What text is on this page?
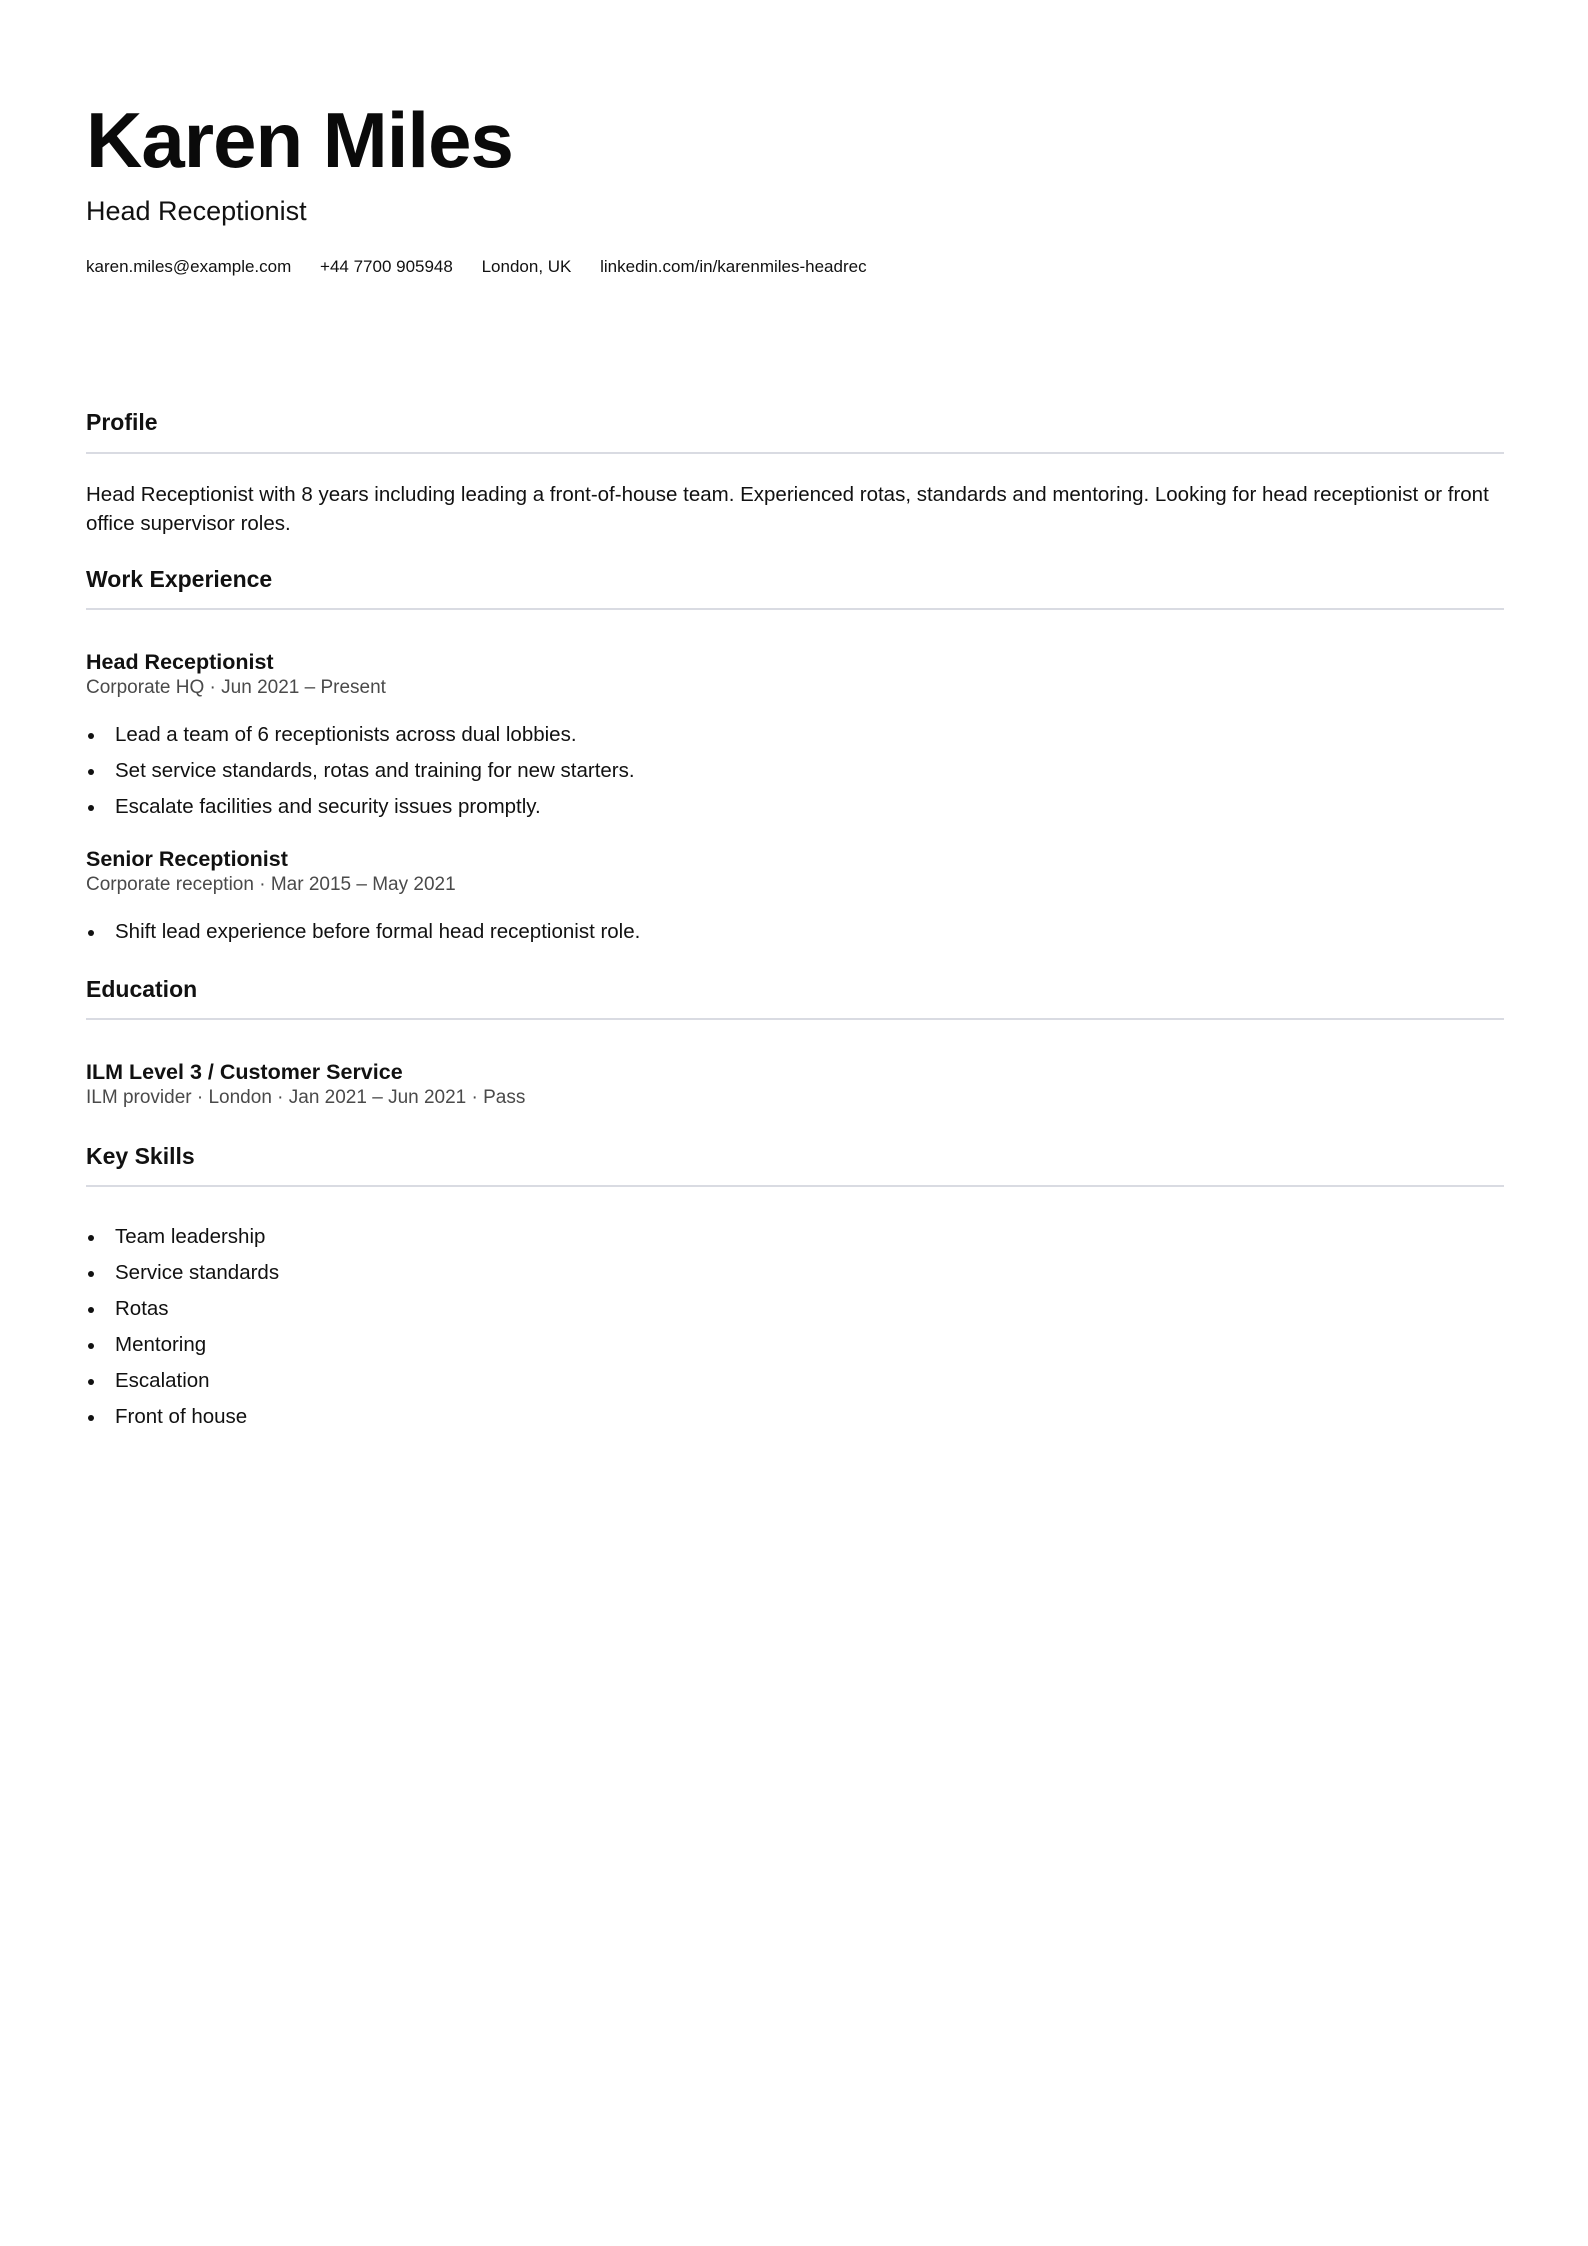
Karen Miles
Head Receptionist
karen.miles@example.com +44 7700 905948 London, UK linkedin.com/in/karenmiles-headrec
Profile

Head Receptionist with 8 years including leading a front-of-house team. Experienced rotas, standards and mentoring. Looking for head receptionist or front office supervisor roles.

Work Experience
Head Receptionist
Corporate HQ · Jun 2021 – Present
Lead a team of 6 receptionists across dual lobbies.
Set service standards, rotas and training for new starters.
Escalate facilities and security issues promptly.
Senior Receptionist
Corporate reception · Mar 2015 – May 2021
Shift lead experience before formal head receptionist role.
Education
ILM Level 3 / Customer Service
ILM provider · London · Jan 2021 – Jun 2021 · Pass
Key Skills
Team leadership
Service standards
Rotas
Mentoring
Escalation
Front of house
